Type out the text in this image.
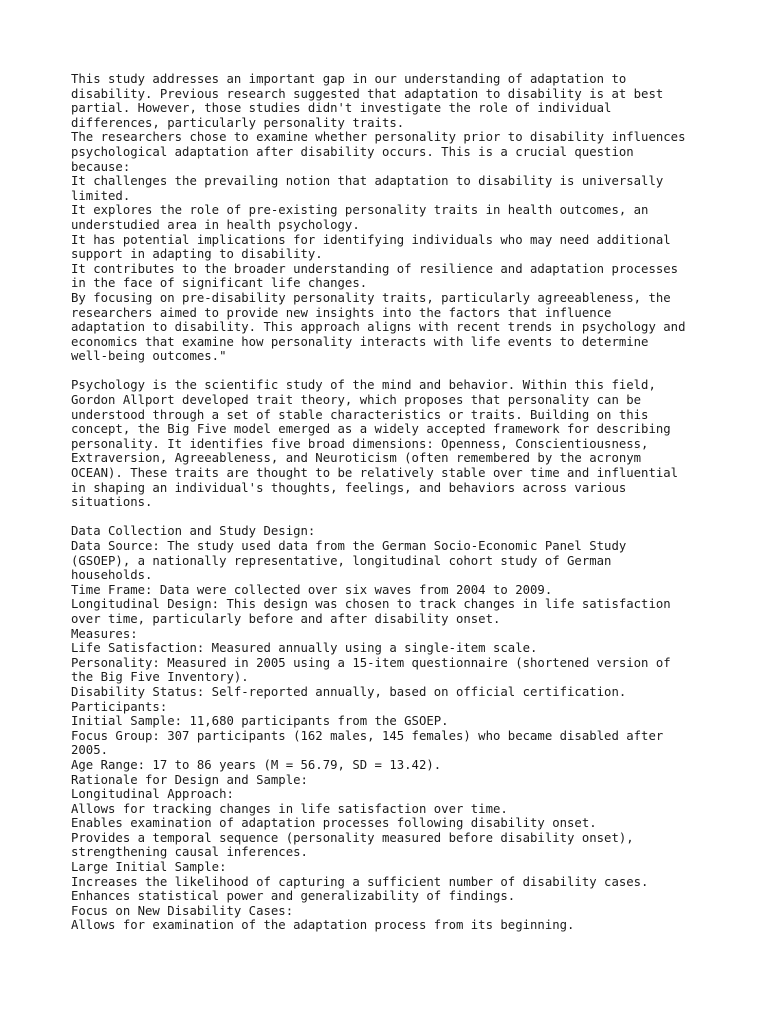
This study addresses an important gap in our understanding of adaptation to
disability. Previous research suggested that adaptation to disability is at best
partial. However, those studies didn't investigate the role of individual
differences, particularly personality traits.
The researchers chose to examine whether personality prior to disability influences
psychological adaptation after disability occurs. This is a crucial question
because:
It challenges the prevailing notion that adaptation to disability is universally
limited.
It explores the role of pre-existing personality traits in health outcomes, an
understudied area in health psychology.
It has potential implications for identifying individuals who may need additional
support in adapting to disability.
It contributes to the broader understanding of resilience and adaptation processes
in the face of significant life changes.
By focusing on pre-disability personality traits, particularly agreeableness, the
researchers aimed to provide new insights into the factors that influence
adaptation to disability. This approach aligns with recent trends in psychology and
economics that examine how personality interacts with life events to determine
well-being outcomes."
Psychology is the scientific study of the mind and behavior. Within this field,
Gordon Allport developed trait theory, which proposes that personality can be
understood through a set of stable characteristics or traits. Building on this
concept, the Big Five model emerged as a widely accepted framework for describing
personality. It identifies five broad dimensions: Openness, Conscientiousness,
Extraversion, Agreeableness, and Neuroticism (often remembered by the acronym
OCEAN). These traits are thought to be relatively stable over time and influential
in shaping an individual's thoughts, feelings, and behaviors across various
situations.
Data Collection and Study Design:
Data Source: The study used data from the German Socio-Economic Panel Study
(GSOEP), a nationally representative, longitudinal cohort study of German
households.
Time Frame: Data were collected over six waves from 2004 to 2009.
Longitudinal Design: This design was chosen to track changes in life satisfaction
over time, particularly before and after disability onset.
Measures:
Life Satisfaction: Measured annually using a single-item scale.
Personality: Measured in 2005 using a 15-item questionnaire (shortened version of
the Big Five Inventory).
Disability Status: Self-reported annually, based on official certification.
Participants:
Initial Sample: 11,680 participants from the GSOEP.
Focus Group: 307 participants (162 males, 145 females) who became disabled after
2005.
Age Range: 17 to 86 years (M = 56.79, SD = 13.42).
Rationale for Design and Sample:
Longitudinal Approach:
Allows for tracking changes in life satisfaction over time.
Enables examination of adaptation processes following disability onset.
Provides a temporal sequence (personality measured before disability onset),
strengthening causal inferences.
Large Initial Sample:
Increases the likelihood of capturing a sufficient number of disability cases.
Enhances statistical power and generalizability of findings.
Focus on New Disability Cases:
Allows for examination of the adaptation process from its beginning.
